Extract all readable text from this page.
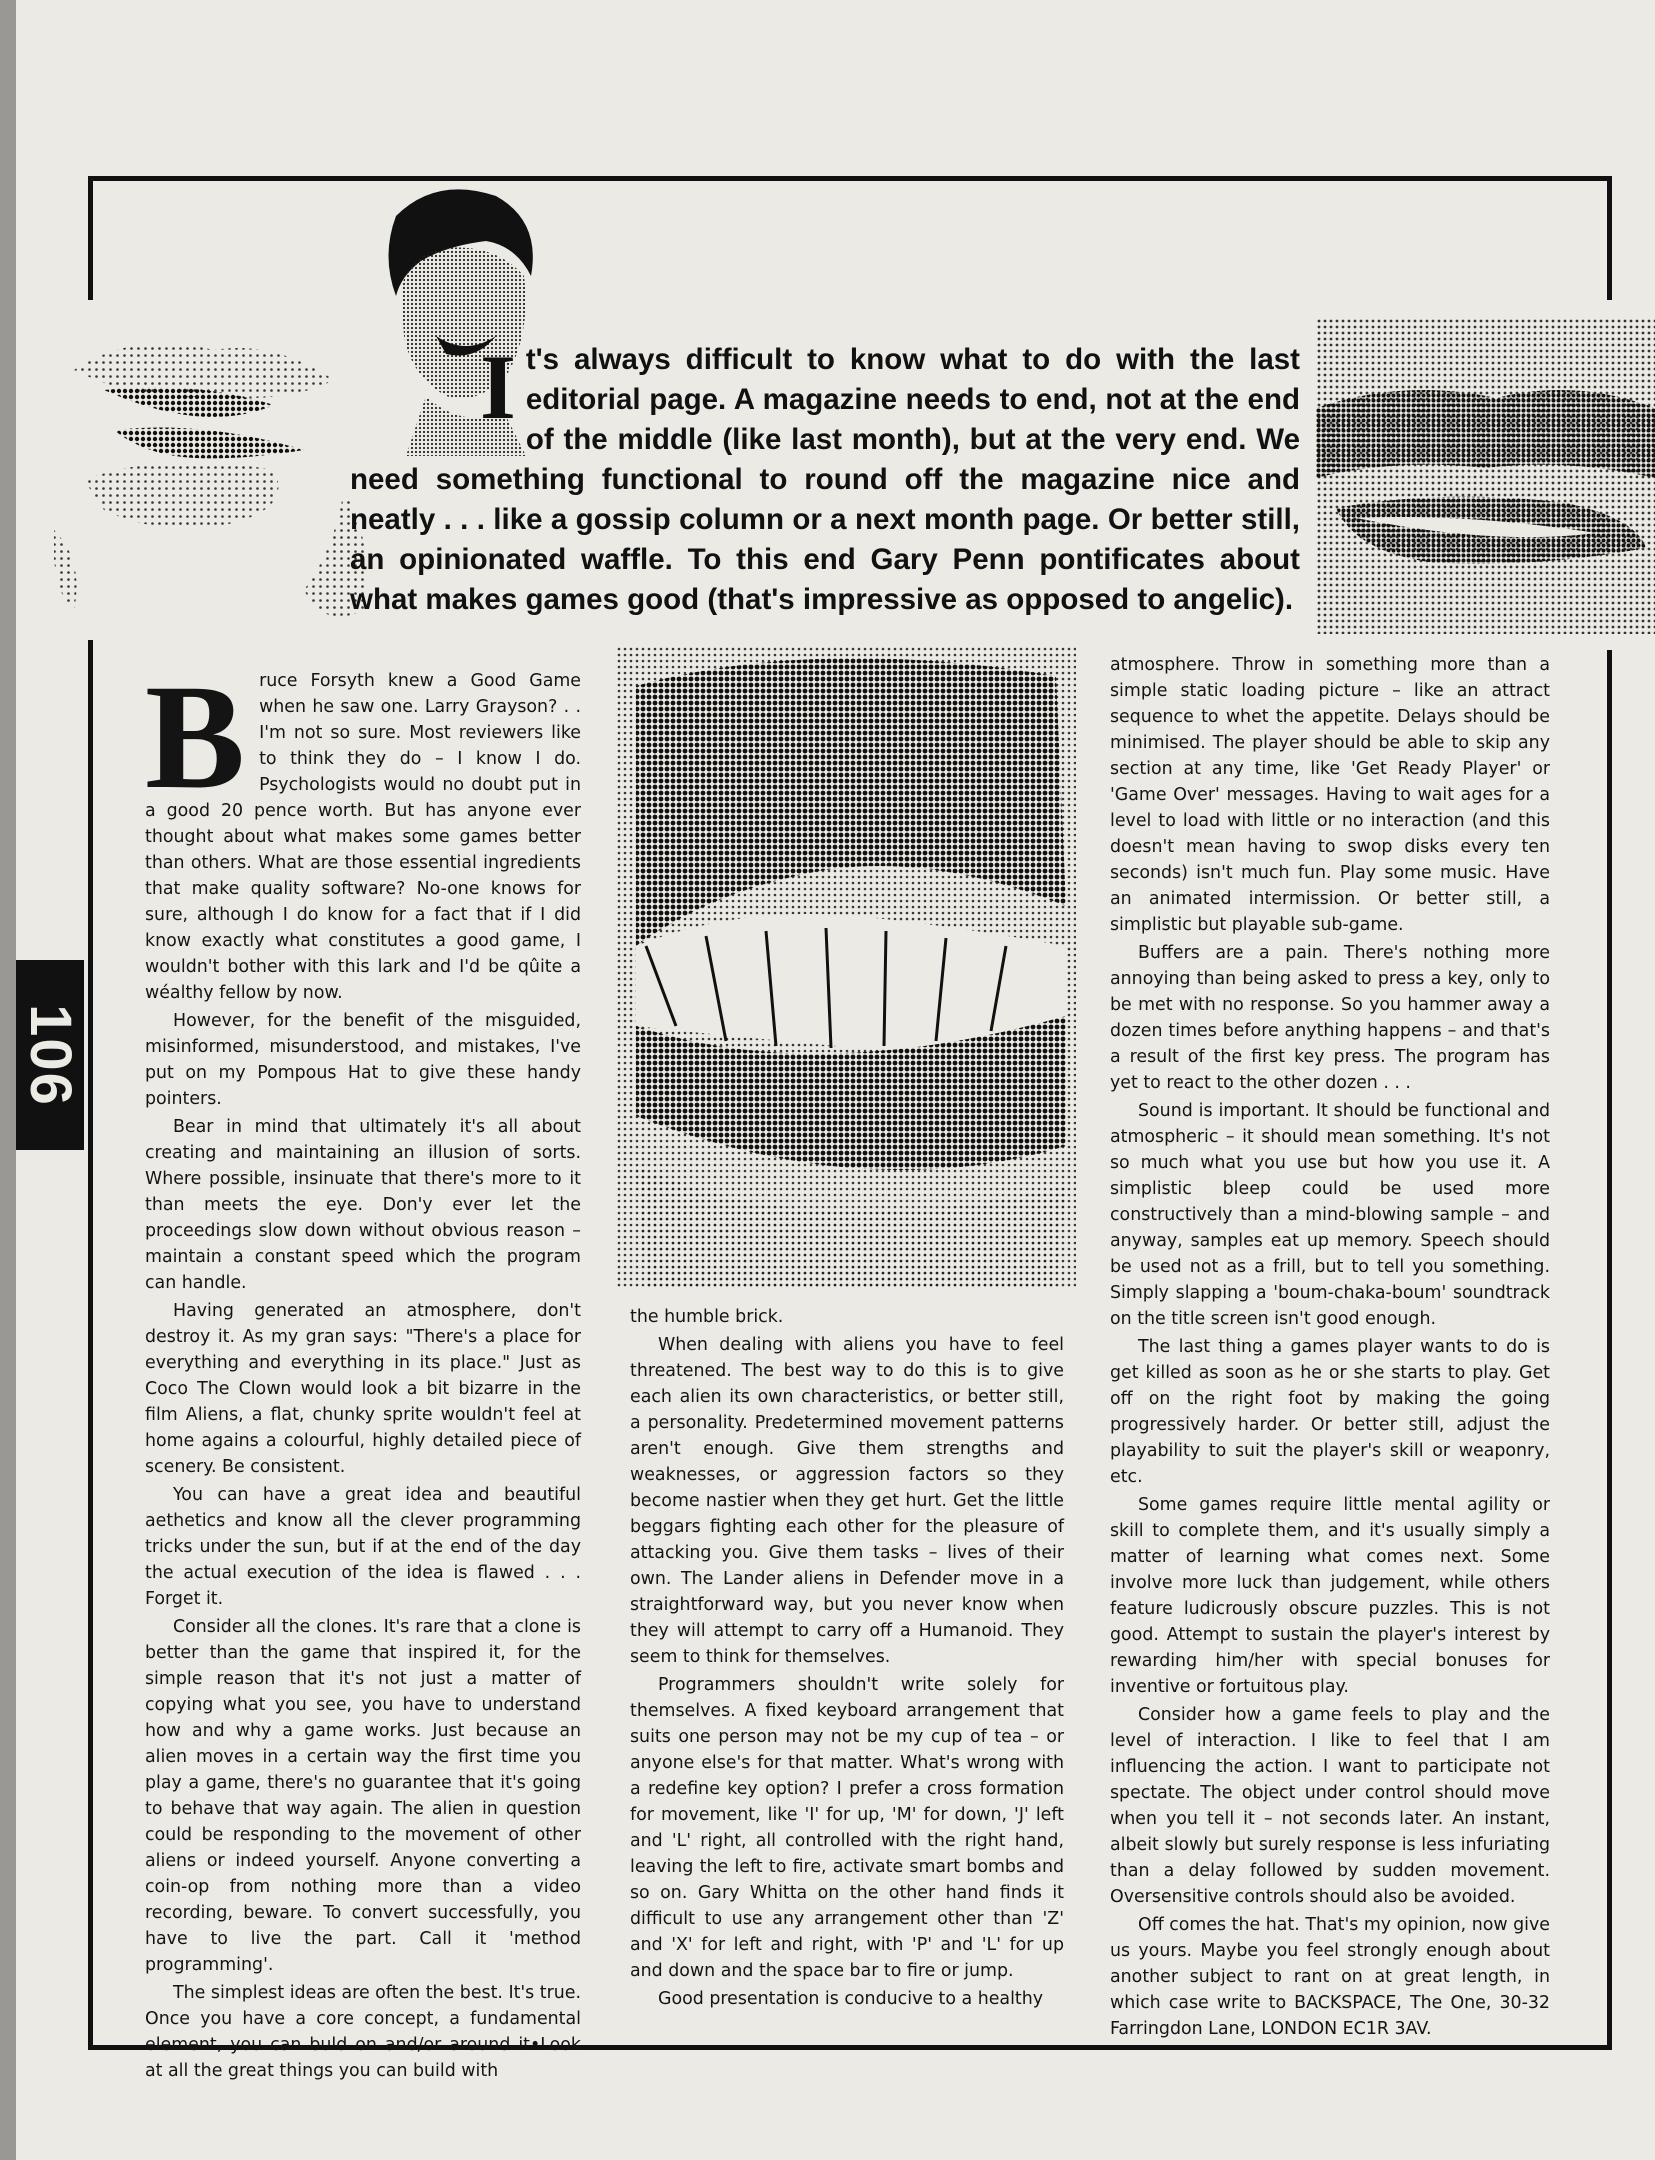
106

It's always difficult to know what to do with the last editorial page. A magazine needs to end, not at the end of the middle (like last month), but at the very end. We need something functional to round off the magazine nice and neatly . . . like a gossip column or a next month page. Or better still, an opinionated waffle. To this end Gary Penn pontificates about what makes games good (that's impressive as opposed to angelic).

Bruce Forsyth knew a Good Game when he saw one. Larry Grayson? . . I'm not so sure. Most reviewers like to think they do – I know I do. Psychologists would no doubt put in a good 20 pence worth. But has anyone ever thought about what makes some games better than others. What are those essential ingredients that make quality software? No-one knows for sure, although I do know for a fact that if I did know exactly what constitutes a good game, I wouldn't bother with this lark and I'd be qûite a wéalthy fellow by now.

However, for the benefit of the misguided, misinformed, misunderstood, and mistakes, I've put on my Pompous Hat to give these handy pointers.

Bear in mind that ultimately it's all about creating and maintaining an illusion of sorts. Where possible, insinuate that there's more to it than meets the eye. Don'y ever let the proceedings slow down without obvious reason – maintain a constant speed which the program can handle.

Having generated an atmosphere, don't destroy it. As my gran says: "There's a place for everything and everything in its place." Just as Coco The Clown would look a bit bizarre in the film Aliens, a flat, chunky sprite wouldn't feel at home agains a colourful, highly detailed piece of scenery. Be consistent.

You can have a great idea and beautiful aethetics and know all the clever programming tricks under the sun, but if at the end of the day the actual execution of the idea is flawed . . . Forget it.

Consider all the clones. It's rare that a clone is better than the game that inspired it, for the simple reason that it's not just a matter of copying what you see, you have to understand how and why a game works. Just because an alien moves in a certain way the first time you play a game, there's no guarantee that it's going to behave that way again. The alien in question could be responding to the movement of other aliens or indeed yourself. Anyone converting a coin-op from nothing more than a video recording, beware. To convert successfully, you have to live the part. Call it 'method programming'.

The simplest ideas are often the best. It's true. Once you have a core concept, a fundamental element, you can buld on and/or around it•Look at all the great things you can build with

the humble brick.

When dealing with aliens you have to feel threatened. The best way to do this is to give each alien its own characteristics, or better still, a personality. Predetermined movement patterns aren't enough. Give them strengths and weaknesses, or aggression factors so they become nastier when they get hurt. Get the little beggars fighting each other for the pleasure of attacking you. Give them tasks – lives of their own. The Lander aliens in Defender move in a straightforward way, but you never know when they will attempt to carry off a Humanoid. They seem to think for themselves.

Programmers shouldn't write solely for themselves. A fixed keyboard arrangement that suits one person may not be my cup of tea – or anyone else's for that matter. What's wrong with a redefine key option? I prefer a cross formation for movement, like 'I' for up, 'M' for down, 'J' left and 'L' right, all controlled with the right hand, leaving the left to fire, activate smart bombs and so on. Gary Whitta on the other hand finds it difficult to use any arrangement other than 'Z' and 'X' for left and right, with 'P' and 'L' for up and down and the space bar to fire or jump.

Good presentation is conducive to a healthy

atmosphere. Throw in something more than a simple static loading picture – like an attract sequence to whet the appetite. Delays should be minimised. The player should be able to skip any section at any time, like 'Get Ready Player' or 'Game Over' messages. Having to wait ages for a level to load with little or no interaction (and this doesn't mean having to swop disks every ten seconds) isn't much fun. Play some music. Have an animated intermission. Or better still, a simplistic but playable sub-game.

Buffers are a pain. There's nothing more annoying than being asked to press a key, only to be met with no response. So you hammer away a dozen times before anything happens – and that's a result of the first key press. The program has yet to react to the other dozen . . .

Sound is important. It should be functional and atmospheric – it should mean something. It's not so much what you use but how you use it. A simplistic bleep could be used more constructively than a mind-blowing sample – and anyway, samples eat up memory. Speech should be used not as a frill, but to tell you something. Simply slapping a 'boum-chaka-boum' soundtrack on the title screen isn't good enough.

The last thing a games player wants to do is get killed as soon as he or she starts to play. Get off on the right foot by making the going progressively harder. Or better still, adjust the playability to suit the player's skill or weaponry, etc.

Some games require little mental agility or skill to complete them, and it's usually simply a matter of learning what comes next. Some involve more luck than judgement, while others feature ludicrously obscure puzzles. This is not good. Attempt to sustain the player's interest by rewarding him/her with special bonuses for inventive or fortuitous play.

Consider how a game feels to play and the level of interaction. I like to feel that I am influencing the action. I want to participate not spectate. The object under control should move when you tell it – not seconds later. An instant, albeit slowly but surely response is less infuriating than a delay followed by sudden movement. Oversensitive controls should also be avoided.

Off comes the hat. That's my opinion, now give us yours. Maybe you feel strongly enough about another subject to rant on at great length, in which case write to BACKSPACE, The One, 30-32 Farringdon Lane, LONDON EC1R 3AV.
